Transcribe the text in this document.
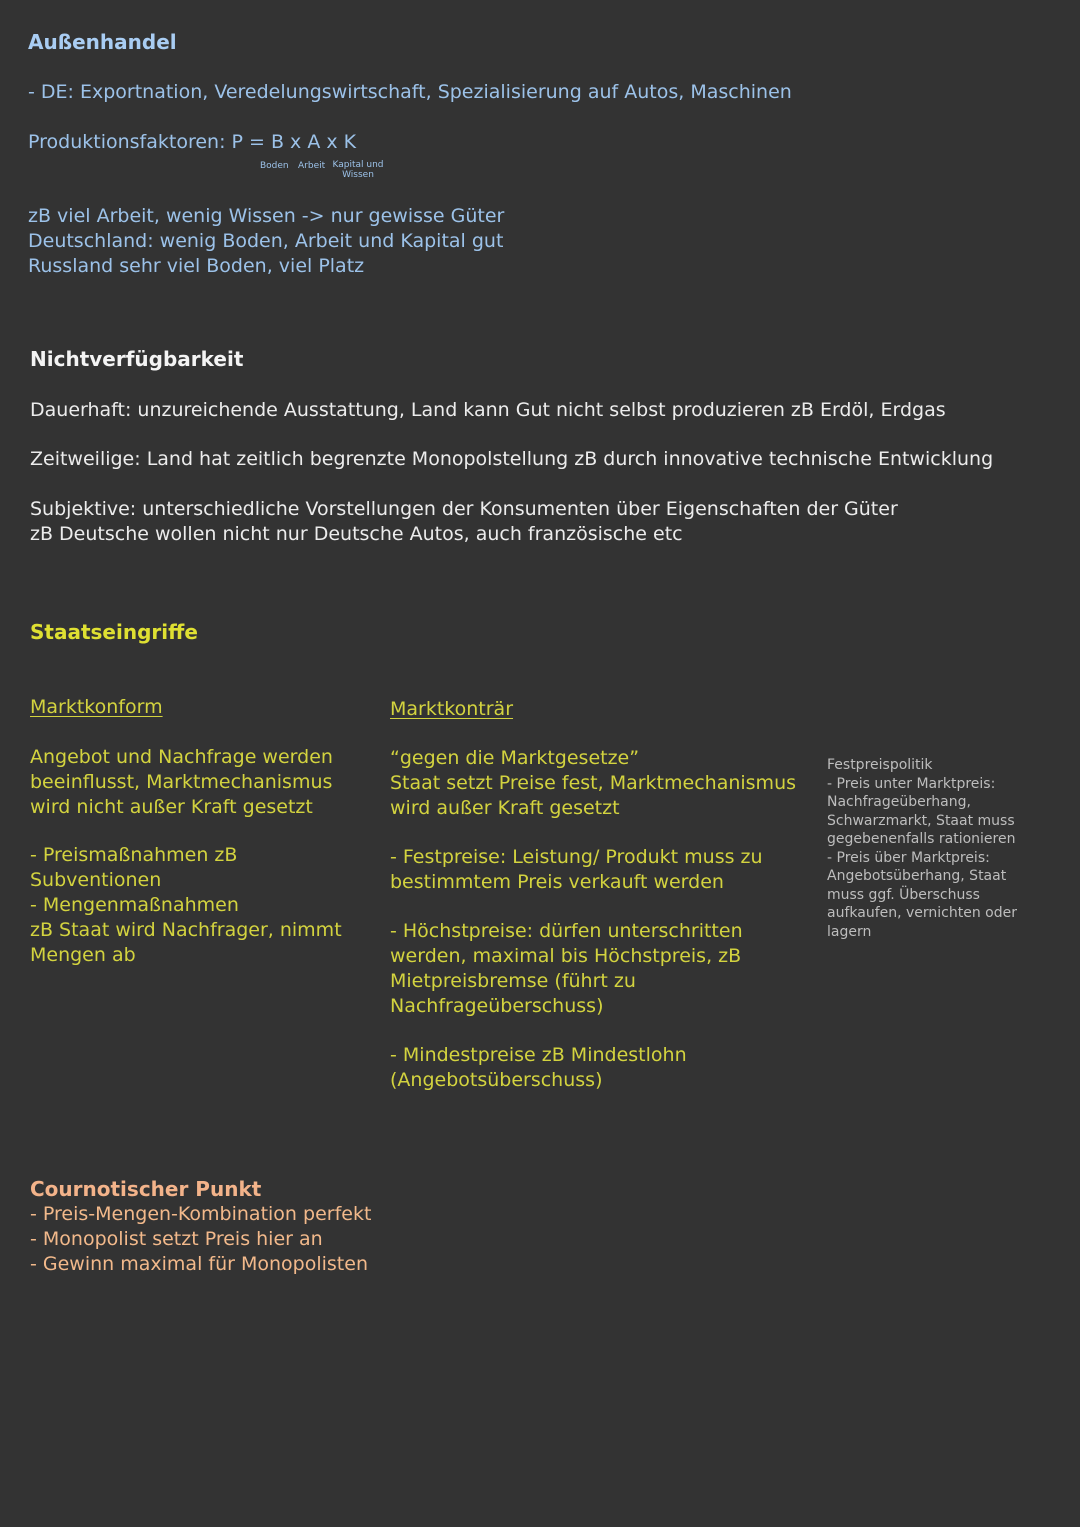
Außenhandel
- DE: Exportnation, Veredelungswirtschaft, Spezialisierung auf Autos, Maschinen
Produktionsfaktoren: P = B x A x K
Boden Arbeit Kapital und
Wissen
zB viel Arbeit, wenig Wissen -> nur gewisse Güter
Deutschland: wenig Boden, Arbeit und Kapital gut
Russland sehr viel Boden, viel Platz
Nichtverfügbarkeit
Dauerhaft: unzureichende Ausstattung, Land kann Gut nicht selbst produzieren zB Erdöl, Erdgas
Zeitweilige: Land hat zeitlich begrenzte Monopolstellung zB durch innovative technische Entwicklung
Subjektive: unterschiedliche Vorstellungen der Konsumenten über Eigenschaften der Güter
zB Deutsche wollen nicht nur Deutsche Autos, auch französische etc
Staatseingriffe
Marktkonform
Angebot und Nachfrage werden
beeinflusst, Marktmechanismus
wird nicht außer Kraft gesetzt
- Preismaßnahmen zB
Subventionen
- Mengenmaßnahmen
zB Staat wird Nachfrager, nimmt
Mengen ab
Marktkonträr
“gegen die Marktgesetze”
Staat setzt Preise fest, Marktmechanismus
wird außer Kraft gesetzt
- Festpreise: Leistung/ Produkt muss zu
bestimmtem Preis verkauft werden
- Höchstpreise: dürfen unterschritten
werden, maximal bis Höchstpreis, zB
Mietpreisbremse (führt zu
Nachfrageüberschuss)
- Mindestpreise zB Mindestlohn
(Angebotsüberschuss)
Festpreispolitik
- Preis unter Marktpreis:
Nachfrageüberhang,
Schwarzmarkt, Staat muss
gegebenenfalls rationieren
- Preis über Marktpreis:
Angebotsüberhang, Staat
muss ggf. Überschuss
aufkaufen, vernichten oder
lagern
Cournotischer Punkt
- Preis-Mengen-Kombination perfekt
- Monopolist setzt Preis hier an
- Gewinn maximal für Monopolisten
